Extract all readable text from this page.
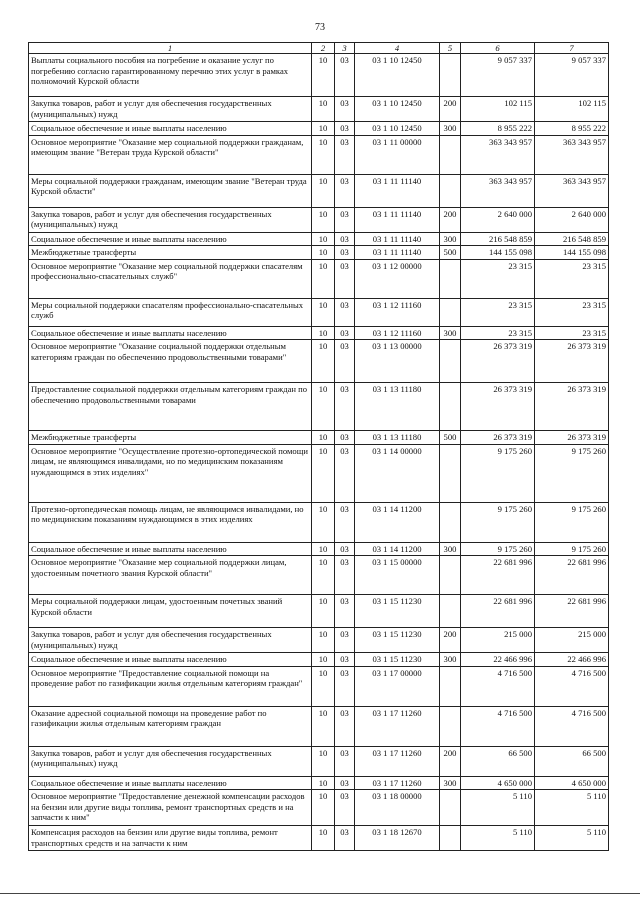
73
1	2	3	4	5	6	7
Выплаты социального пособия на погребение и оказание услуг по погребению согласно гарантированному перечню этих услуг в рамках полномочий Курской области	10	03	03 1 10 12450		9 057 337	9 057 337
Закупка товаров, работ и услуг для обеспечения государственных (муниципальных) нужд	10	03	03 1 10 12450	200	102 115	102 115
Социальное обеспечение и иные выплаты населению	10	03	03 1 10 12450	300	8 955 222	8 955 222
Основное мероприятие "Оказание мер социальной поддержки гражданам, имеющим звание "Ветеран труда Курской области"	10	03	03 1 11 00000		363 343 957	363 343 957
Меры социальной поддержки гражданам, имеющим звание "Ветеран труда Курской области"	10	03	03 1 11 11140		363 343 957	363 343 957
Закупка товаров, работ и услуг для обеспечения государственных (муниципальных) нужд	10	03	03 1 11 11140	200	2 640 000	2 640 000
Социальное обеспечение и иные выплаты населению	10	03	03 1 11 11140	300	216 548 859	216 548 859
Межбюджетные трансферты	10	03	03 1 11 11140	500	144 155 098	144 155 098
Основное мероприятие "Оказание мер социальной поддержки спасателям профессионально-спасательных служб"	10	03	03 1 12 00000		23 315	23 315
Меры социальной поддержки спасателям профессионально-спасательных служб	10	03	03 1 12 11160		23 315	23 315
Социальное обеспечение и иные выплаты населению	10	03	03 1 12 11160	300	23 315	23 315
Основное мероприятие "Оказание социальной поддержки отдельным категориям граждан по обеспечению продовольственными товарами"	10	03	03 1 13 00000		26 373 319	26 373 319
Предоставление социальной поддержки отдельным категориям граждан по обеспечению продовольственными товарами	10	03	03 1 13 11180		26 373 319	26 373 319
Межбюджетные трансферты	10	03	03 1 13 11180	500	26 373 319	26 373 319
Основное мероприятие "Осуществление протезно-ортопедической помощи лицам, не являющимся инвалидами, но по медицинским показаниям нуждающимся в этих изделиях"	10	03	03 1 14 00000		9 175 260	9 175 260
Протезно-ортопедическая помощь лицам, не являющимся инвалидами, но по медицинским показаниям нуждающимся в этих изделиях	10	03	03 1 14 11200		9 175 260	9 175 260
Социальное обеспечение и иные выплаты населению	10	03	03 1 14 11200	300	9 175 260	9 175 260
Основное мероприятие "Оказание мер социальной поддержки лицам, удостоенным почетного звания Курской области"	10	03	03 1 15 00000		22 681 996	22 681 996
Меры социальной поддержки лицам, удостоенным почетных званий Курской области	10	03	03 1 15 11230		22 681 996	22 681 996
Закупка товаров, работ и услуг для обеспечения государственных (муниципальных) нужд	10	03	03 1 15 11230	200	215 000	215 000
Социальное обеспечение и иные выплаты населению	10	03	03 1 15 11230	300	22 466 996	22 466 996
Основное мероприятие "Предоставление социальной помощи на проведение работ по газификации жилья отдельным категориям граждан"	10	03	03 1 17 00000		4 716 500	4 716 500
Оказание адресной социальной помощи на проведение работ по газификации жилья отдельным категориям граждан	10	03	03 1 17 11260		4 716 500	4 716 500
Закупка товаров, работ и услуг для обеспечения государственных (муниципальных) нужд	10	03	03 1 17 11260	200	66 500	66 500
Социальное обеспечение и иные выплаты населению	10	03	03 1 17 11260	300	4 650 000	4 650 000
Основное мероприятие "Предоставление денежной компенсации расходов на бензин или другие виды топлива, ремонт транспортных средств и на запчасти к ним"	10	03	03 1 18 00000		5 110	5 110
Компенсация расходов на бензин или другие виды топлива, ремонт транспортных средств и на запчасти к ним	10	03	03 1 18 12670		5 110	5 110
